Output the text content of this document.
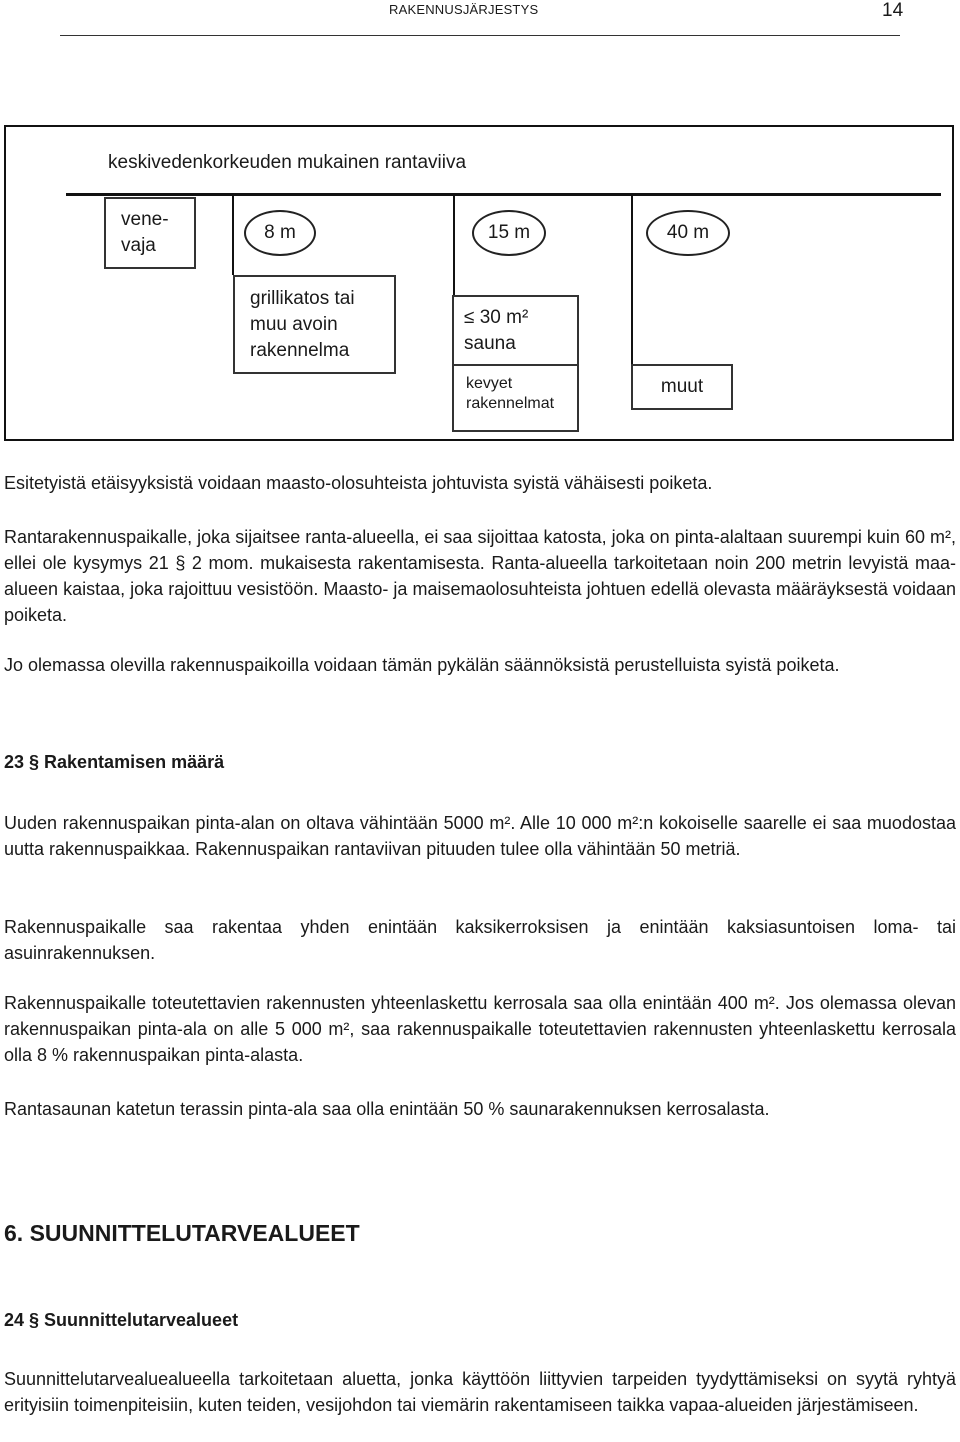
RAKENNUSJÄRJESTYS	14
keskivedenkorkeuden mukainen rantaviiva
vene-
vaja
8 m	15 m	40 m
grillikatos tai
muu avoin
rakennelma
≤ 30 m²
sauna
kevyet
rakennelmat
muut
Esitetyistä etäisyyksistä voidaan maasto-olosuhteista johtuvista syistä vähäisesti poiketa.
Rantarakennuspaikalle, joka sijaitsee ranta-alueella, ei saa sijoittaa katosta, joka on pinta-alaltaan suurempi kuin 60 m², ellei ole kysymys 21 § 2 mom. mukaisesta rakentamisesta. Ranta-alueella tarkoitetaan noin 200 metrin levyistä maa-alueen kaistaa, joka rajoittuu vesistöön. Maasto- ja maisemaolosuhteista johtuen edellä olevasta määräyksestä voidaan poiketa.
Jo olemassa olevilla rakennuspaikoilla voidaan tämän pykälän säännöksistä perustelluista syistä poiketa.
23 § Rakentamisen määrä
Uuden rakennuspaikan pinta-alan on oltava vähintään 5000 m². Alle 10 000 m²:n kokoiselle saarelle ei saa muodostaa uutta rakennuspaikkaa. Rakennuspaikan rantaviivan pituuden tulee olla vähintään 50 metriä.
Rakennuspaikalle saa rakentaa yhden enintään kaksikerroksisen ja enintään kaksiasuntoisen loma- tai asuinrakennuksen.
Rakennuspaikalle toteutettavien rakennusten yhteenlaskettu kerrosala saa olla enintään 400 m². Jos olemassa olevan rakennuspaikan pinta-ala on alle 5 000 m², saa rakennuspaikalle toteutettavien rakennusten yhteenlaskettu kerrosala olla 8 % rakennuspaikan pinta-alasta.
Rantasaunan katetun terassin pinta-ala saa olla enintään 50 % saunarakennuksen kerrosalasta.
6. SUUNNITTELUTARVEALUEET
24 § Suunnittelutarvealueet
Suunnittelutarvealuealueella tarkoitetaan aluetta, jonka käyttöön liittyvien tarpeiden tyydyttämiseksi on syytä ryhtyä erityisiin toimenpiteisiin, kuten teiden, vesijohdon tai viemärin rakentamiseen taikka vapaa-alueiden järjestämiseen.
